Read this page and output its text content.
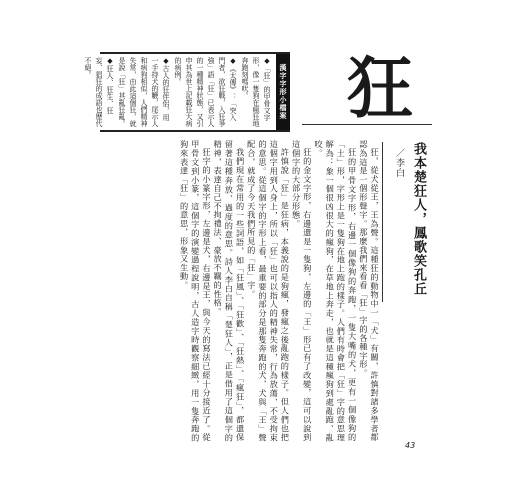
漢字字形小檔案

◆「狂」的甲骨文字形，像一隻狗在瘋狂地奔跑刻嗎吠。

◆《太傳》：「突入門者，欲狂戰，入狂爭強」語「狂」已表示人的一種精神狀態，又引申其為世上記載狂大病的病例。

◆古人的狂伴侶，用一手持犬的鞭，尾示人和病狗相似，人們精神失常，由此這個狂，就是說「狂」其亂狂亂。

◆狂人、狂生、狂妄、猖狂的成語也歷代不絕。	狂
我本楚狂人，鳳歌笑孔丘 ／李白

狂，從犬從王，王為聲。這種狂的動物中一「犬」有關，許慎對諸多學者都認為這是一個形聲字。那麼我們來看看「狂」字的各種字形。

狂的甲骨文字形，右邊一個像狗的奔跑，一隻大嘴的犬，更有一個像狗的「土」形，字形上是一隻狗在地上跑的樣子。人們有時會把「狂」字的意思理解為：象一個很凶很大的瘋狗，在草地上奔走，也就是這種瘋狗到處亂跑、亂咬。

狂的金文字形，右邊還是一隻狗，左邊的「王」形已有了改變，這可以說到這個字的大部分形態。

許慎說「狂」是狂病，本義說的是狗瘋，發瘋之後亂跑的樣子。但人們也把這個字用到人身上，所以「狂」也可以指人的精神失常，行為放蕩、不受拘束的意思。從這個字的字形上看，最重要的部分是那隻奔跑的犬，犬與「王」聲配合，就成了今天我們所見的「狂」字。

我們現在常用的一些詞語，如「狂風」、「狂歡」、「狂熱」、「瘋狂」，都還保留著這種奔放、過度的意思。詩人李白自稱「楚狂人」，正是借用了這個字的精神，表達自己不拘禮法、豪放不羈的性格。

狂字的小篆字形，左邊是犬，右邊是王，與今天的寫法已經十分接近了。從甲骨文到小篆，這個字的演變過程說明，古人造字時觀察細緻，用一隻奔跑的狗來表達「狂」的意思，形象又生動。

43
